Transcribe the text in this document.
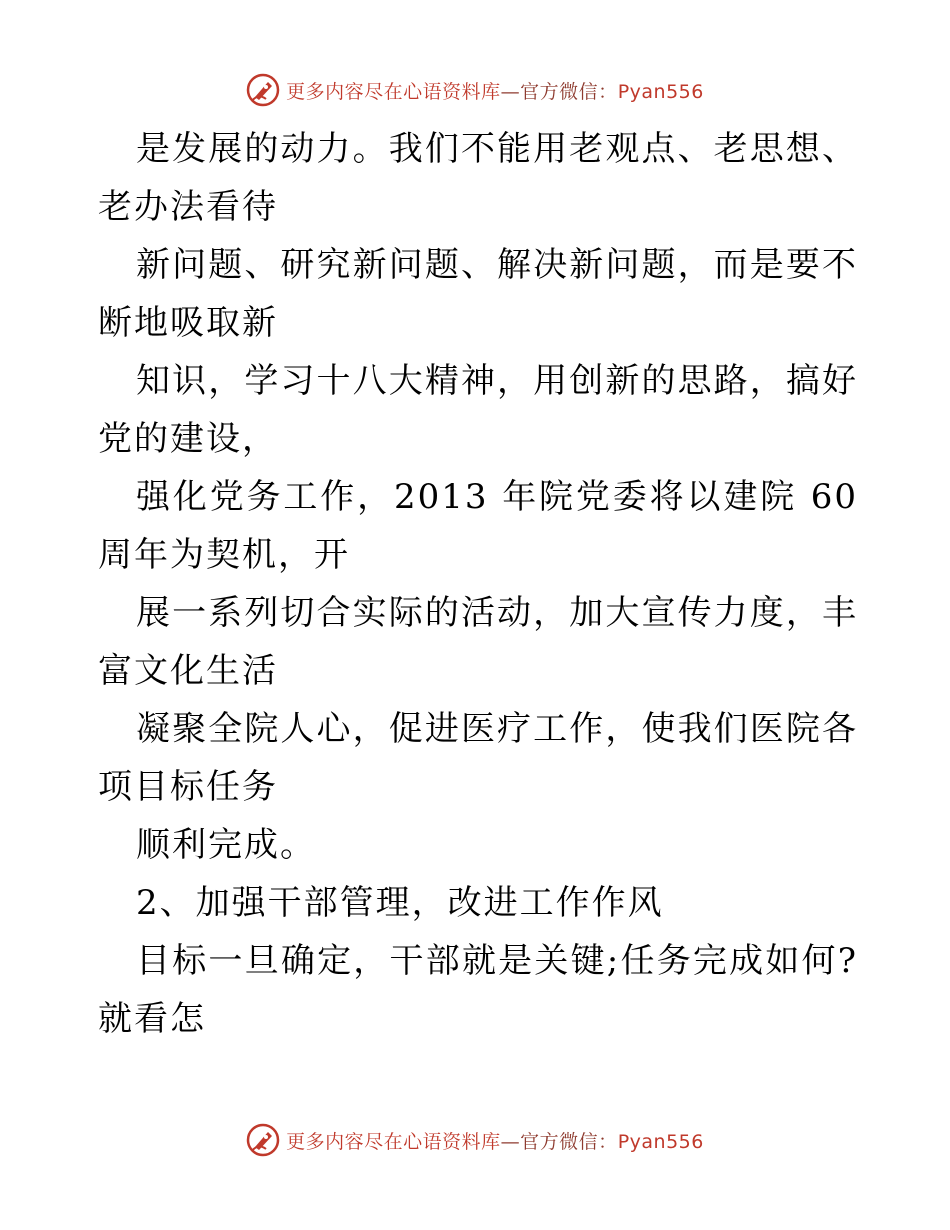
更多内容尽在心语资料库—官方微信：Pyan556

是发展的动力。我们不能用老观点、老思想、老办法看待

新问题、研究新问题、解决新问题，而是要不断地吸取新

知识，学习十八大精神，用创新的思路，搞好党的建设，

强化党务工作，2013 年院党委将以建院 60 周年为契机，开

展一系列切合实际的活动，加大宣传力度，丰富文化生活

凝聚全院人心，促进医疗工作，使我们医院各项目标任务

顺利完成。

2、加强干部管理，改进工作作风

目标一旦确定，干部就是关键;任务完成如何?就看怎

更多内容尽在心语资料库—官方微信：Pyan556
